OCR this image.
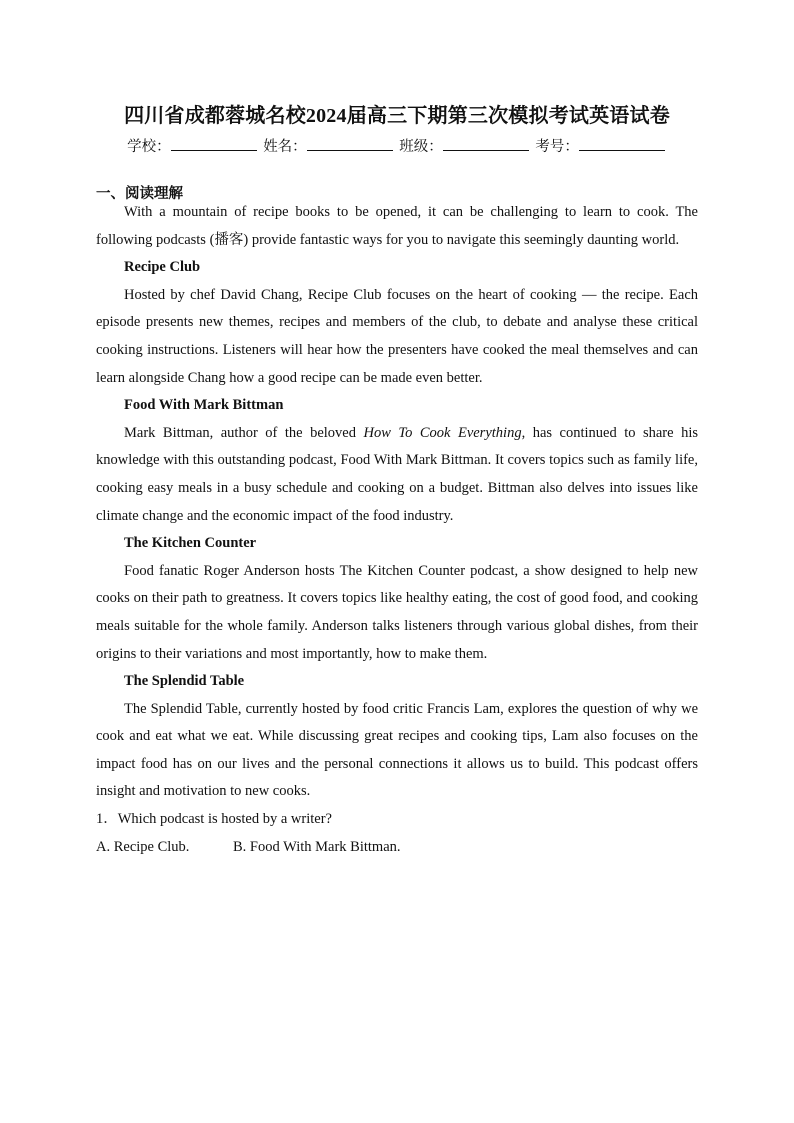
四川省成都蓉城名校2024届高三下期第三次模拟考试英语试卷
学校：	姓名：	班级：	考号：
一、阅读理解

With a mountain of recipe books to be opened, it can be challenging to learn to cook. The following podcasts (播客) provide fantastic ways for you to navigate this seemingly daunting world.

Recipe Club

Hosted by chef David Chang, Recipe Club focuses on the heart of cooking — the recipe. Each episode presents new themes, recipes and members of the club, to debate and analyse these critical cooking instructions. Listeners will hear how the presenters have cooked the meal themselves and can learn alongside Chang how a good recipe can be made even better.

Food With Mark Bittman

Mark Bittman, author of the beloved How To Cook Everything, has continued to share his knowledge with this outstanding podcast, Food With Mark Bittman. It covers topics such as family life, cooking easy meals in a busy schedule and cooking on a budget. Bittman also delves into issues like climate change and the economic impact of the food industry.

The Kitchen Counter

Food fanatic Roger Anderson hosts The Kitchen Counter podcast, a show designed to help new cooks on their path to greatness. It covers topics like healthy eating, the cost of good food, and cooking meals suitable for the whole family. Anderson talks listeners through various global dishes, from their origins to their variations and most importantly, how to make them.

The Splendid Table

The Splendid Table, currently hosted by food critic Francis Lam, explores the question of why we cook and eat what we eat. While discussing great recipes and cooking tips, Lam also focuses on the impact food has on our lives and the personal connections it allows us to build. This podcast offers insight and motivation to new cooks.

1．Which podcast is hosted by a writer?

A. Recipe Club.	B. Food With Mark Bittman.
